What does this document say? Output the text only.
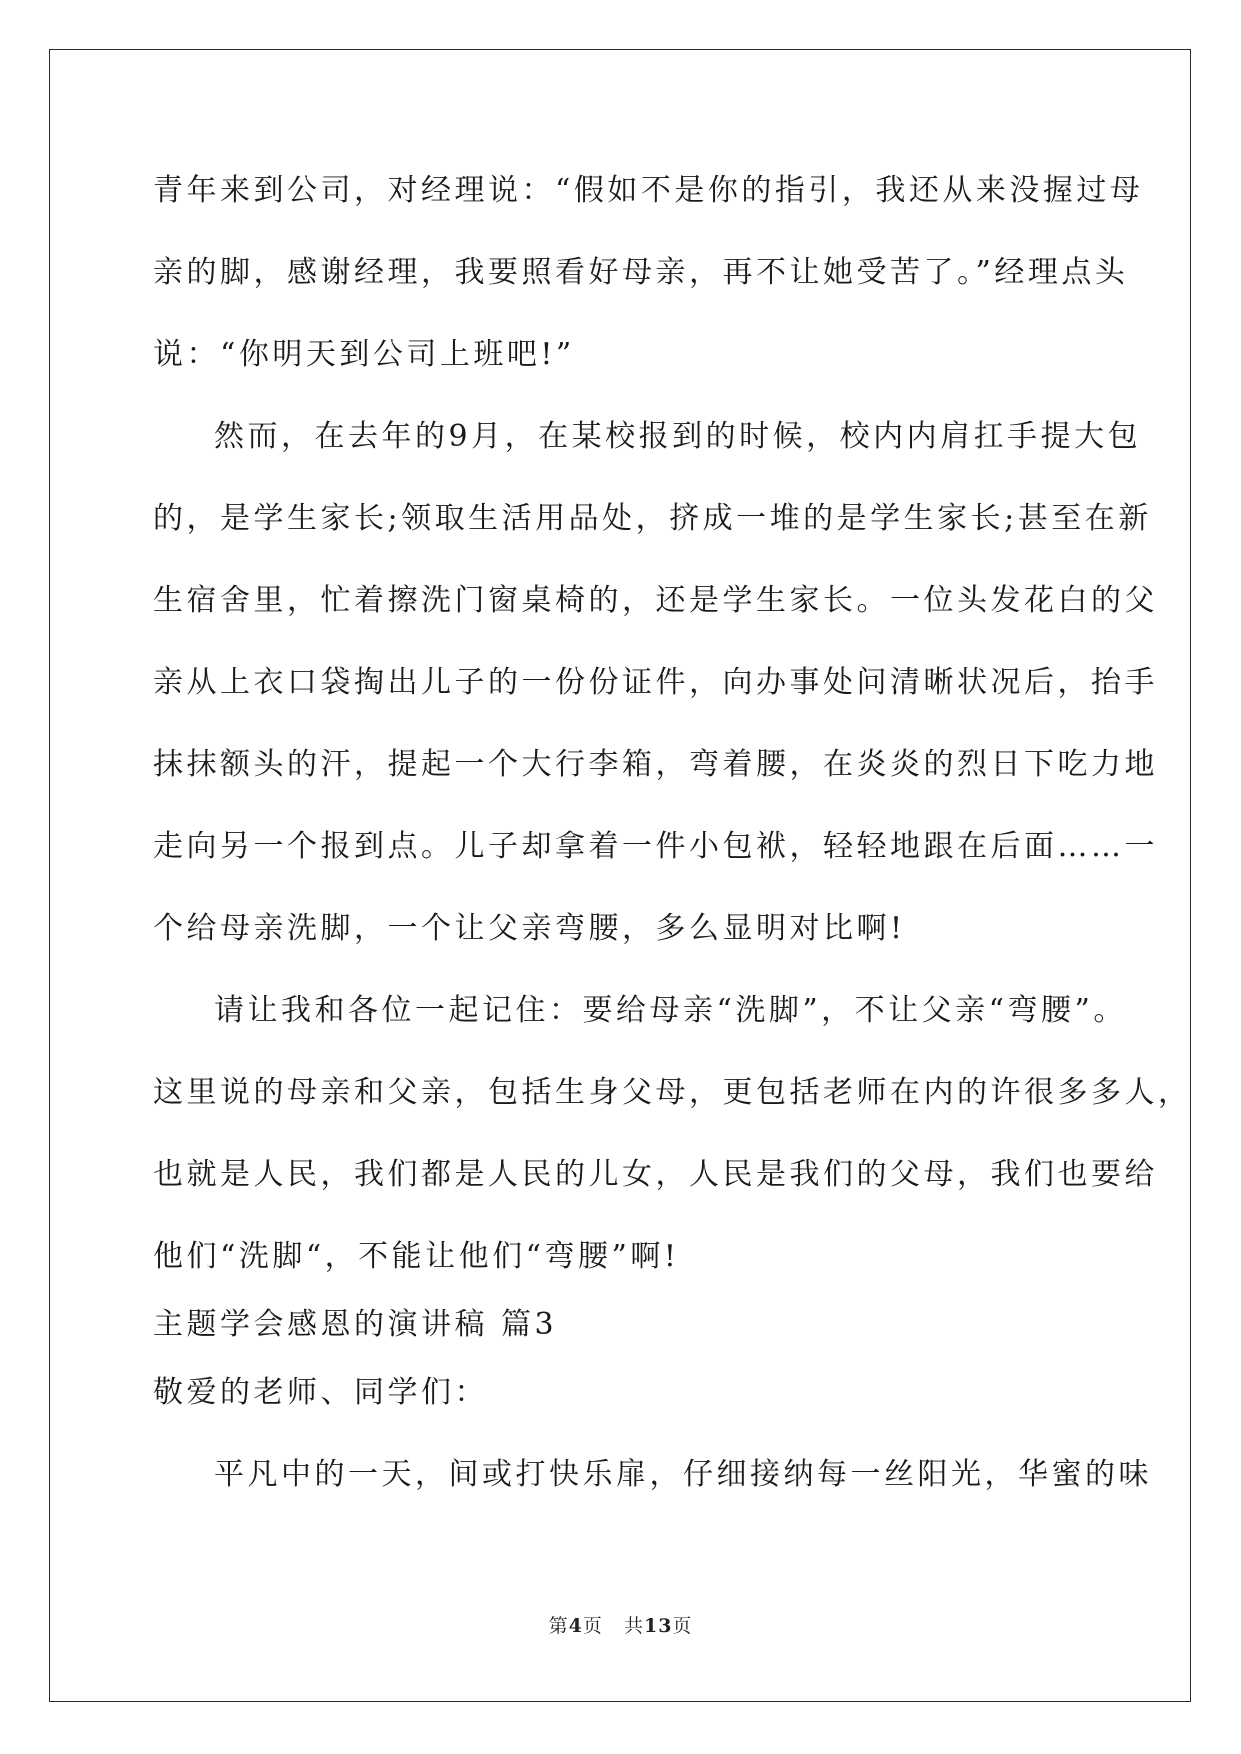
青年来到公司，对经理说：“假如不是你的指引，我还从来没握过母
亲的脚，感谢经理，我要照看好母亲，再不让她受苦了。”经理点头
说：“你明天到公司上班吧!”
然而，在去年的9月，在某校报到的时候，校内内肩扛手提大包
的，是学生家长;领取生活用品处，挤成一堆的是学生家长;甚至在新
生宿舍里，忙着擦洗门窗桌椅的，还是学生家长。一位头发花白的父
亲从上衣口袋掏出儿子的一份份证件，向办事处问清晰状况后，抬手
抹抹额头的汗，提起一个大行李箱，弯着腰，在炎炎的烈日下吃力地
走向另一个报到点。儿子却拿着一件小包袱，轻轻地跟在后面……一
个给母亲洗脚，一个让父亲弯腰，多么显明对比啊!
请让我和各位一起记住：要给母亲“洗脚”，不让父亲“弯腰”。
这里说的母亲和父亲，包括生身父母，更包括老师在内的许很多多人，
也就是人民，我们都是人民的儿女，人民是我们的父母，我们也要给
他们“洗脚“，不能让他们“弯腰”啊!
主题学会感恩的演讲稿 篇3
敬爱的老师、同学们：
平凡中的一天，间或打快乐扉，仔细接纳每一丝阳光，华蜜的味
第4页 共13页
